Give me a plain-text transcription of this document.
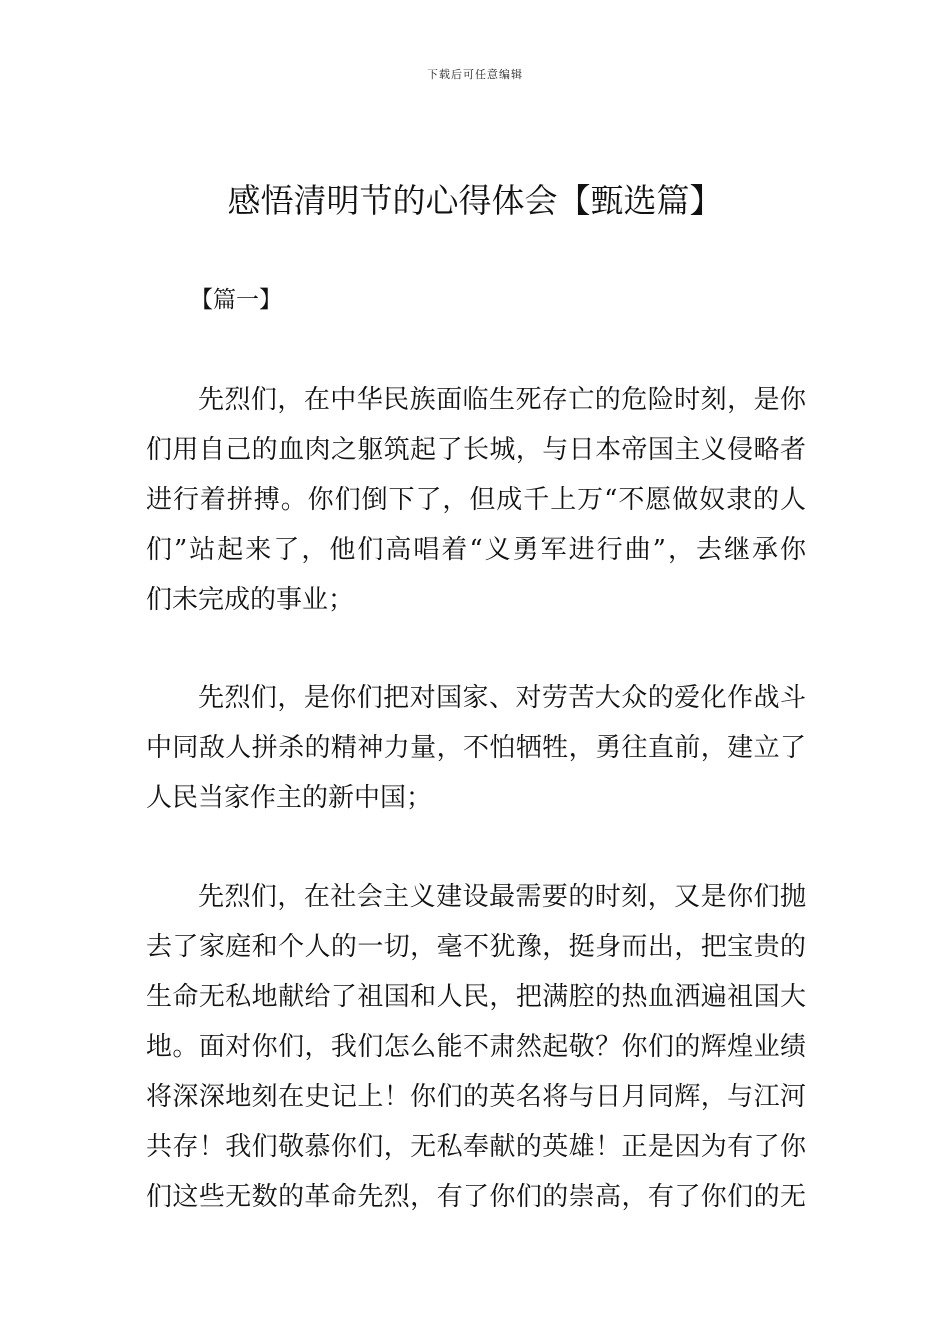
下载后可任意编辑
感悟清明节的心得体会【甄选篇】
【篇一】
先烈们，在中华民族面临生死存亡的危险时刻，是你
们用自己的血肉之躯筑起了长城，与日本帝国主义侵略者
进行着拼搏。你们倒下了，但成千上万“不愿做奴隶的人
们”站起来了，他们高唱着“义勇军进行曲”，去继承你
们未完成的事业；
先烈们，是你们把对国家、对劳苦大众的爱化作战斗
中同敌人拼杀的精神力量，不怕牺牲，勇往直前，建立了
人民当家作主的新中国；
先烈们，在社会主义建设最需要的时刻，又是你们抛
去了家庭和个人的一切，毫不犹豫，挺身而出，把宝贵的
生命无私地献给了祖国和人民，把满腔的热血洒遍祖国大
地。面对你们，我们怎么能不肃然起敬？你们的辉煌业绩
将深深地刻在史记上！你们的英名将与日月同辉，与江河
共存！我们敬慕你们，无私奉献的英雄！正是因为有了你
们这些无数的革命先烈，有了你们的崇高，有了你们的无
